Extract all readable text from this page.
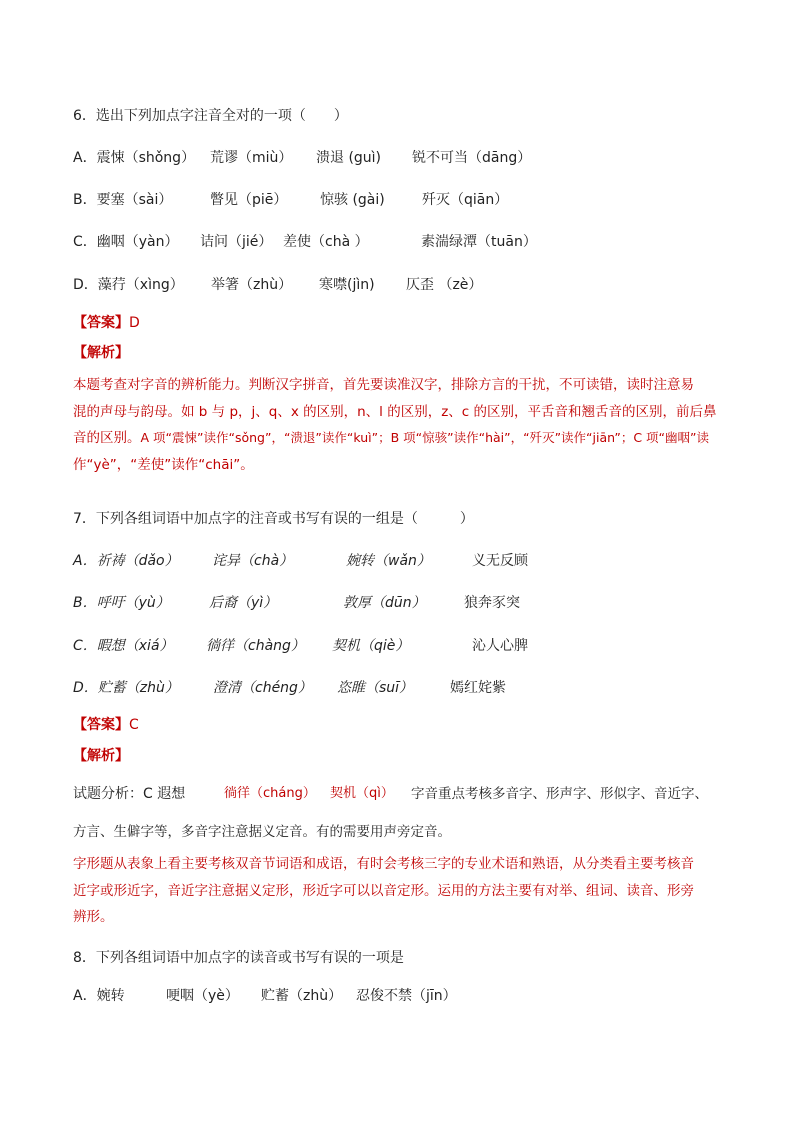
6．选出下列加点字注音全对的一项（　　）
A．震悚（shǒng） 荒谬（miù） 溃退 (guì) 锐不可当（dāng）
B．要塞（sài）	瞥见（piē） 惊骇 (gài)	歼灭（qiān）
C．幽咽（yàn） 诘问（jié） 差使（chà ）	素湍绿潭（tuān）
D．藻荇（xìng） 举箸（zhù） 寒噤(jìn) 仄歪 （zè）
【答案】D
【解析】
本题考查对字音的辨析能力。判断汉字拼音，首先要读准汉字，排除方言的干扰，不可读错，读时注意易
混的声母与韵母。如 b 与 p，j、q、x 的区别，n、l 的区别，z、c 的区别，平舌音和翘舌音的区别，前后鼻
音的区别。A 项“震悚”读作“sǒng”，“溃退”读作“kuì”；B 项“惊骇”读作“hài”，“歼灭”读作“jiān”；C 项“幽咽”读
作“yè”，“差使”读作“chāi”。
7．下列各组词语中加点字的注音或书写有误的一组是（　　　）
A．祈祷（dǎo） 诧异（chà）	婉转（wǎn）	义无反顾
B．呼吁（yù）	后裔（yì）	敦厚（dūn）	狼奔豕突
C．暇想（xiá） 徜徉（chàng） 契机（qiè）	沁人心脾
D．贮蓄（zhù） 澄清（chéng） 恣睢（suī）	嫣红姹紫
【答案】C
【解析】
试题分析：C 遐想	徜徉（cháng） 契机（qì） 字音重点考核多音字、形声字、形似字、音近字、
方言、生僻字等，多音字注意据义定音。有的需要用声旁定音。
字形题从表象上看主要考核双音节词语和成语，有时会考核三字的专业术语和熟语，从分类看主要考核音
近字或形近字，音近字注意据义定形，形近字可以以音定形。运用的方法主要有对举、组词、读音、形旁
辨形。
8．下列各组词语中加点字的读音或书写有误的一项是
A．婉转	哽咽（yè） 贮蓄（zhù） 忍俊不禁（jīn）
